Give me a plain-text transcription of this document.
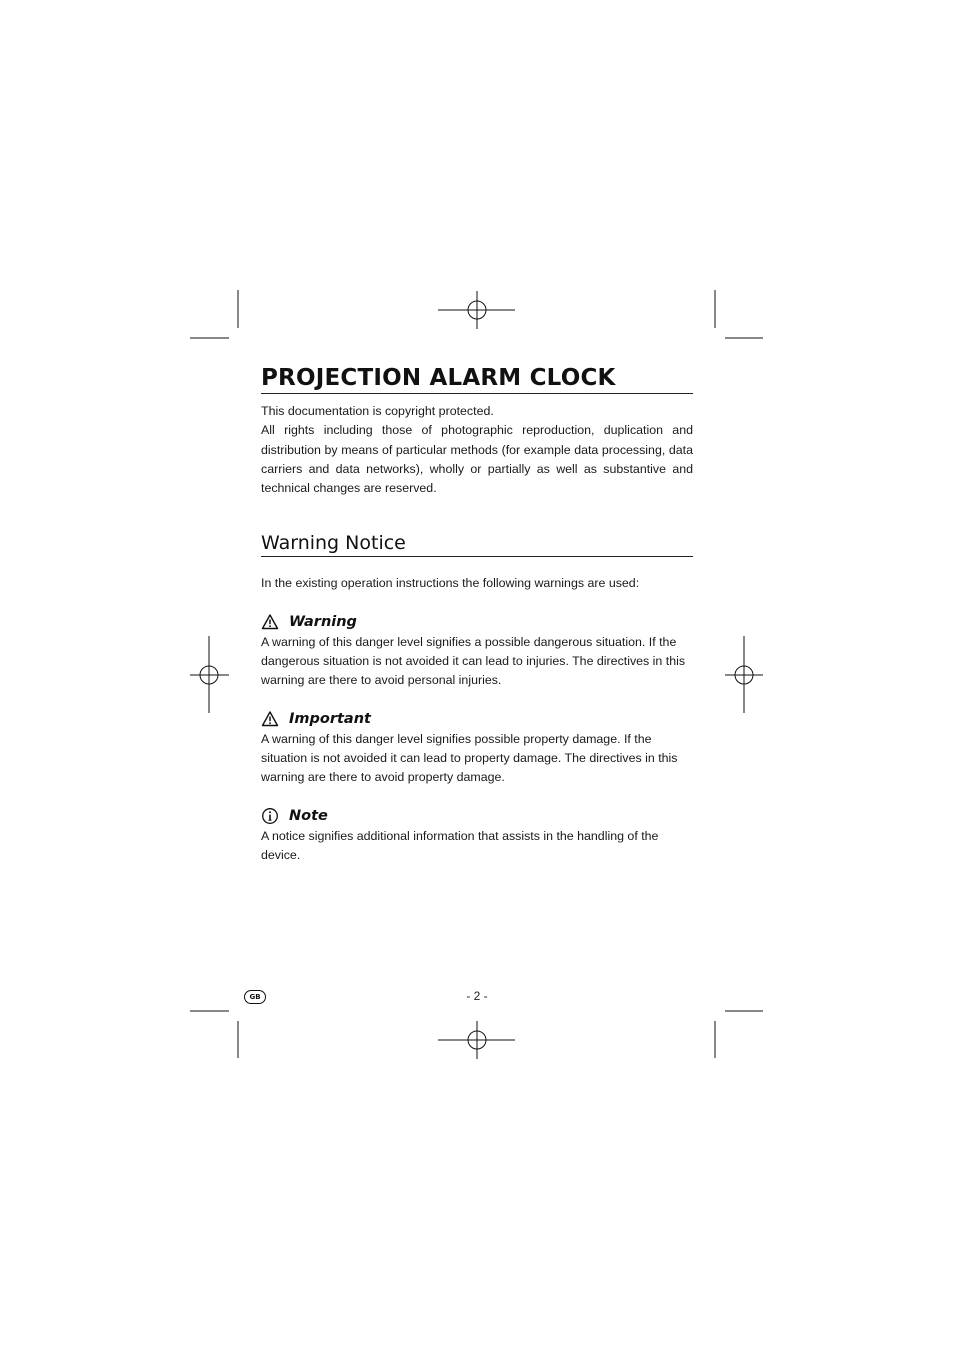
PROJECTION ALARM CLOCK

This documentation is copyright protected.

All rights including those of photographic reproduction, duplication and distribution by means of particular methods (for example data processing, data carriers and data networks), wholly or partially as well as substantive and technical changes are reserved.

Warning Notice

In the existing operation instructions the following warnings are used:

Warning

A warning of this danger level signifies a possible dangerous situation. If the dangerous situation is not avoided it can lead to injuries. The directives in this warning are there to avoid personal injuries.

Important

A warning of this danger level signifies possible property damage. If the situation is not avoided it can lead to property damage. The directives in this warning are there to avoid property damage.

Note

A notice signifies additional information that assists in the handling of the device.

GB	- 2 -
